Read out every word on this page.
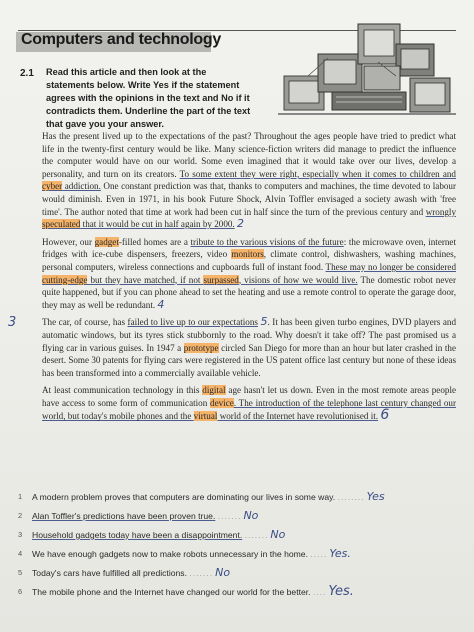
Computers and technology
2.1 Read this article and then look at the statements below. Write Yes if the statement agrees with the opinions in the text and No if it contradicts them. Underline the part of the text that gave you your answer.

Has the present lived up to the expectations of the past? Throughout the ages people have tried to predict what life in the twenty-first century would be like. Many science-fiction writers did manage to predict the influence the computer would have on our world. Some even imagined that it would take over our lives, develop a personality, and turn on its creators. To some extent they were right, especially when it comes to children and cyber addiction. One constant prediction was that, thanks to computers and machines, the time devoted to labour would diminish. Even in 1971, in his book Future Shock, Alvin Toffler envisaged a society awash with 'free time'. The author noted that time at work had been cut in half since the turn of the previous century and wrongly speculated that it would be cut in half again by 2000. 2

However, our gadget-filled homes are a tribute to the various visions of the future: the microwave oven, internet fridges with ice-cube dispensers, freezers, video monitors, climate control, dishwashers, washing machines, personal computers, wireless connections and cupboards full of instant food. These may no longer be considered cutting-edge but they have matched, if not surpassed, visions of how we would live. The domestic robot never quite happened, but if you can phone ahead to set the heating and use a remote control to operate the garage door, they may as well be redundant. 4

The car, of course, has failed to live up to our expectations 5. It has been given turbo engines, DVD players and automatic windows, but its tyres stick stubbornly to the road. Why doesn't it take off? The past promised us a flying car in various guises. In 1947 a prototype circled San Diego for more than an hour but later crashed in the desert. Some 30 patents for flying cars were registered in the US patent office last century but none of these ideas has been transformed into a commercially available vehicle.

At least communication technology in this digital age hasn't let us down. Even in the most remote areas people have access to some form of communication device. The introduction of the telephone last century changed our world, but today's mobile phones and the virtual world of the Internet have revolutionised it. 6

3
1	A modern problem proves that computers are dominating our lives in some way. ........ Yes
2	Alan Toffler's predictions have been proven true. ....... No
3	Household gadgets today have been a disappointment. ....... No
4	We have enough gadgets now to make robots unnecessary in the home. ..... Yes.
5	Today's cars have fulfilled all predictions. ....... No
6	The mobile phone and the Internet have changed our world for the better. .... Yes.
